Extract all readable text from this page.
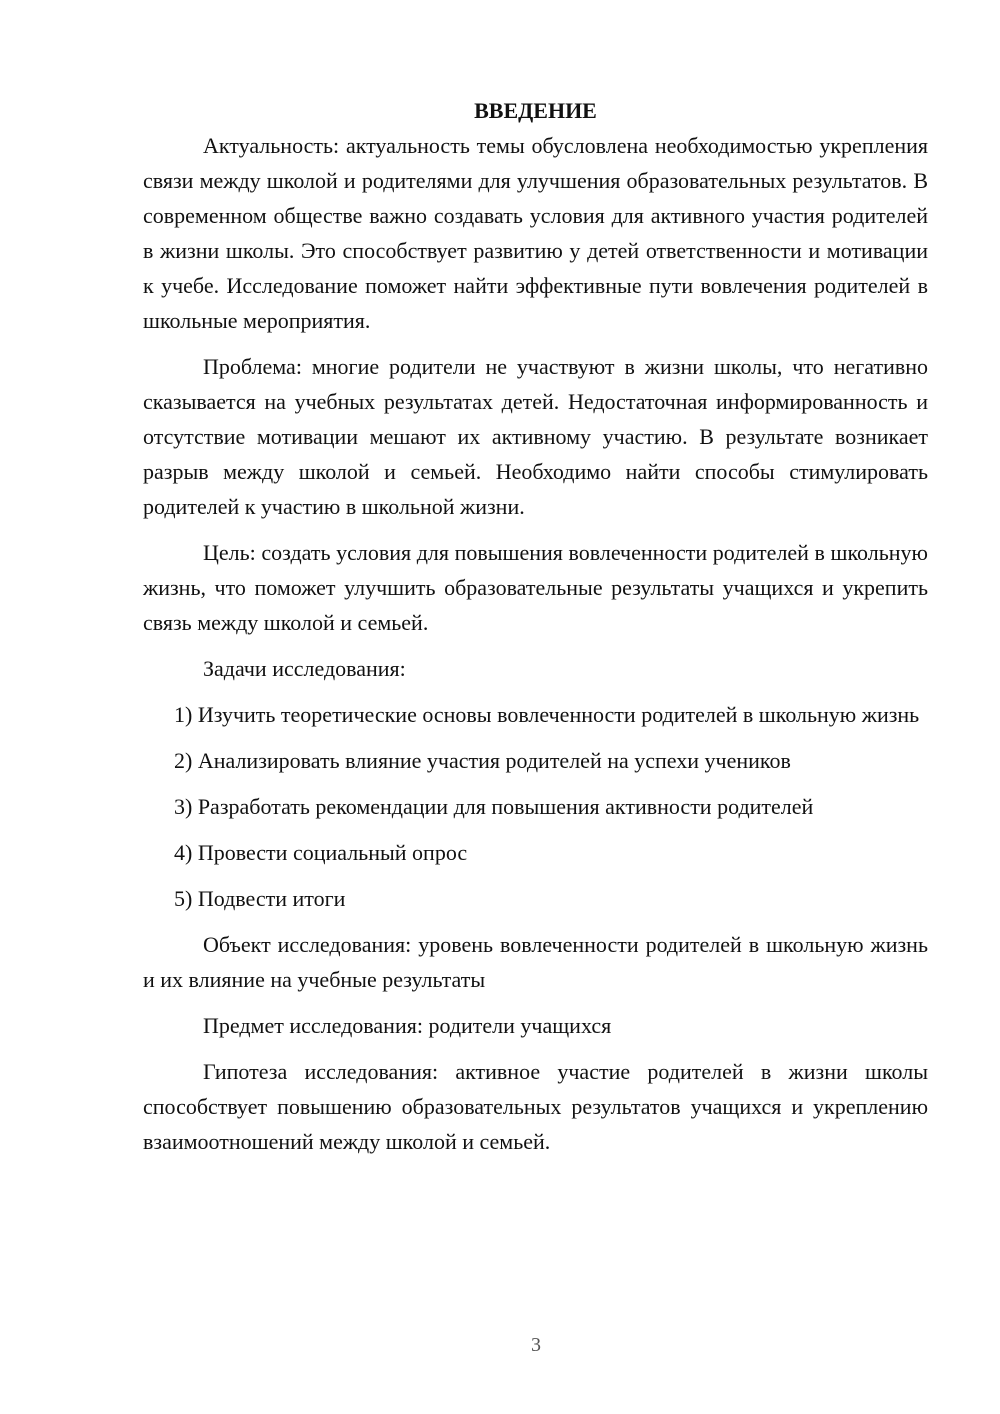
ВВЕДЕНИЕ

Актуальность: актуальность темы обусловлена необходимостью укрепления связи между школой и родителями для улучшения образовательных результатов. В современном обществе важно создавать условия для активного участия родителей в жизни школы. Это способствует развитию у детей ответственности и мотивации к учебе. Исследование поможет найти эффективные пути вовлечения родителей в школьные мероприятия.

Проблема: многие родители не участвуют в жизни школы, что негативно сказывается на учебных результатах детей. Недостаточная информированность и отсутствие мотивации мешают их активному участию. В результате возникает разрыв между школой и семьей. Необходимо найти способы стимулировать родителей к участию в школьной жизни.

Цель: создать условия для повышения вовлеченности родителей в школьную жизнь, что поможет улучшить образовательные результаты учащихся и укрепить связь между школой и семьей.

Задачи исследования:

1) Изучить теоретические основы вовлеченности родителей в школьную жизнь

2) Анализировать влияние участия родителей на успехи учеников

3) Разработать рекомендации для повышения активности родителей

4) Провести социальный опрос

5) Подвести итоги

Объект исследования: уровень вовлеченности родителей в школьную жизнь и их влияние на учебные результаты

Предмет исследования: родители учащихся

Гипотеза исследования: активное участие родителей в жизни школы способствует повышению образовательных результатов учащихся и укреплению взаимоотношений между школой и семьей.

3
